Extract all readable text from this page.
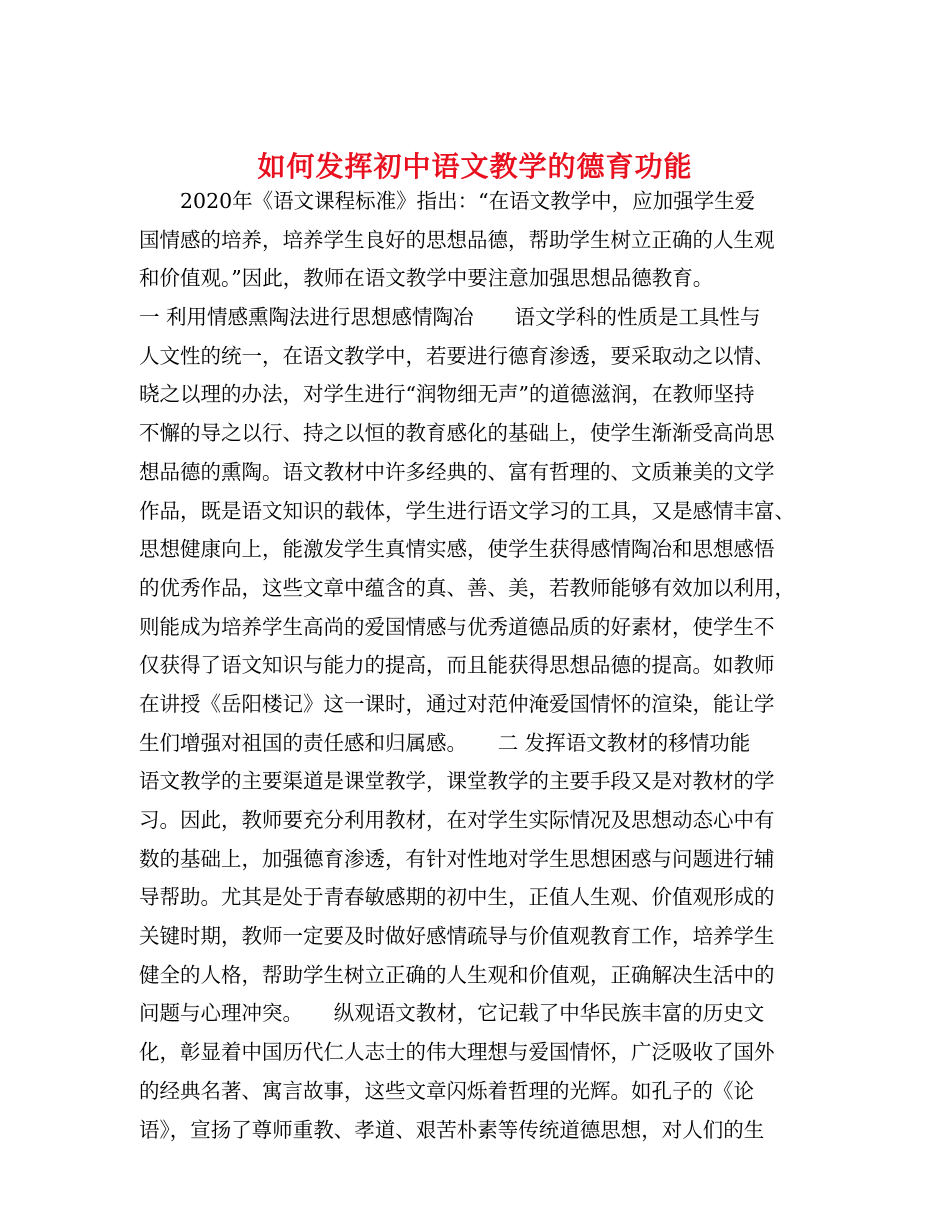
如何发挥初中语文教学的德育功能
　　2020年《语文课程标准》指出：“在语文教学中，应加强学生爱
国情感的培养，培养学生良好的思想品德，帮助学生树立正确的人生观
和价值观。”因此，教师在语文教学中要注意加强思想品德教育。
一 利用情感熏陶法进行思想感情陶冶　　语文学科的性质是工具性与
人文性的统一，在语文教学中，若要进行德育渗透，要采取动之以情、
晓之以理的办法，对学生进行“润物细无声”的道德滋润，在教师坚持
不懈的导之以行、持之以恒的教育感化的基础上，使学生渐渐受高尚思
想品德的熏陶。语文教材中许多经典的、富有哲理的、文质兼美的文学
作品，既是语文知识的载体，学生进行语文学习的工具，又是感情丰富、
思想健康向上，能激发学生真情实感，使学生获得感情陶冶和思想感悟
的优秀作品，这些文章中蕴含的真、善、美，若教师能够有效加以利用，
则能成为培养学生高尚的爱国情感与优秀道德品质的好素材，使学生不
仅获得了语文知识与能力的提高，而且能获得思想品德的提高。如教师
在讲授《岳阳楼记》这一课时，通过对范仲淹爱国情怀的渲染，能让学
生们增强对祖国的责任感和归属感。　　二 发挥语文教材的移情功能
语文教学的主要渠道是课堂教学，课堂教学的主要手段又是对教材的学
习。因此，教师要充分利用教材，在对学生实际情况及思想动态心中有
数的基础上，加强德育渗透，有针对性地对学生思想困惑与问题进行辅
导帮助。尤其是处于青春敏感期的初中生，正值人生观、价值观形成的
关键时期，教师一定要及时做好感情疏导与价值观教育工作，培养学生
健全的人格，帮助学生树立正确的人生观和价值观，正确解决生活中的
问题与心理冲突。　　纵观语文教材，它记载了中华民族丰富的历史文
化，彰显着中国历代仁人志士的伟大理想与爱国情怀，广泛吸收了国外
的经典名著、寓言故事，这些文章闪烁着哲理的光辉。如孔子的《论
语》，宣扬了尊师重教、孝道、艰苦朴素等传统道德思想，对人们的生
